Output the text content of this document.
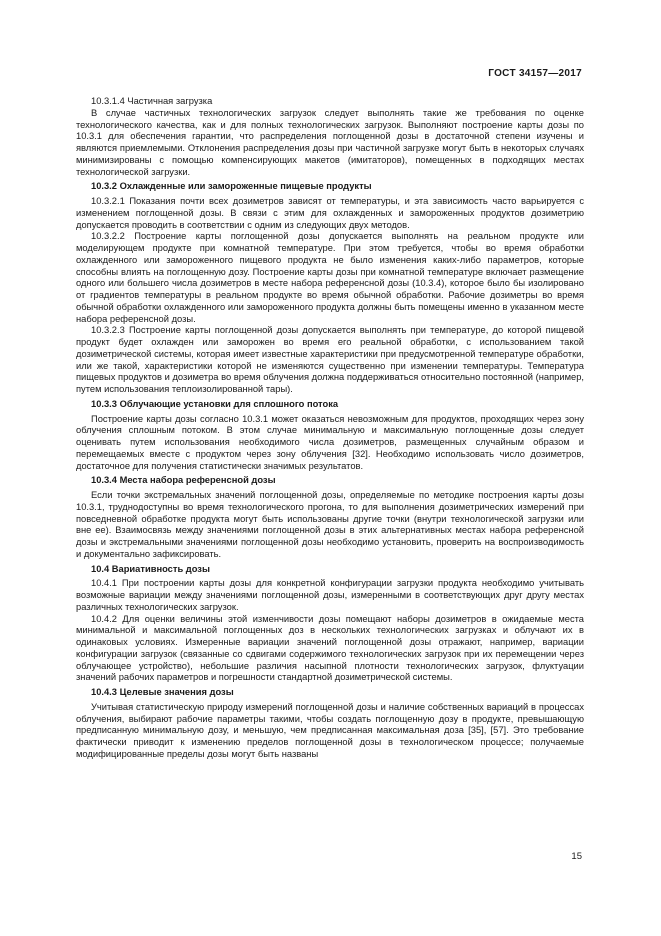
ГОСТ 34157—2017

10.3.1.4 Частичная загрузка

В случае частичных технологических загрузок следует выполнять такие же требования по оценке технологического качества, как и для полных технологических загрузок. Выполняют построение карты дозы по 10.3.1 для обеспечения гарантии, что распределения поглощенной дозы в достаточной степени изучены и являются приемлемыми. Отклонения распределения дозы при частичной загрузке могут быть в некоторых случаях минимизированы с помощью компенсирующих макетов (имитаторов), помещенных в подходящих местах технологической загрузки.

10.3.2 Охлажденные или замороженные пищевые продукты

10.3.2.1 Показания почти всех дозиметров зависят от температуры, и эта зависимость часто варьируется с изменением поглощенной дозы. В связи с этим для охлажденных и замороженных продуктов дозиметрию допускается проводить в соответствии с одним из следующих двух методов.

10.3.2.2 Построение карты поглощенной дозы допускается выполнять на реальном продукте или моделирующем продукте при комнатной температуре. При этом требуется, чтобы во время обработки охлажденного или замороженного пищевого продукта не было изменения каких-либо параметров, которые способны влиять на поглощенную дозу. Построение карты дозы при комнатной температуре включает размещение одного или большего числа дозиметров в месте набора референсной дозы (10.3.4), которое было бы изолировано от градиентов температуры в реальном продукте во время обычной обработки. Рабочие дозиметры во время обычной обработки охлажденного или замороженного продукта должны быть помещены именно в указанном месте набора референсной дозы.

10.3.2.3 Построение карты поглощенной дозы допускается выполнять при температуре, до которой пищевой продукт будет охлажден или заморожен во время его реальной обработки, с использованием такой дозиметрической системы, которая имеет известные характеристики при предусмотренной температуре обработки, или же такой, характеристики которой не изменяются существенно при изменении температуры. Температура пищевых продуктов и дозиметра во время облучения должна поддерживаться относительно постоянной (например, путем использования теплоизолированной тары).

10.3.3 Облучающие установки для сплошного потока

Построение карты дозы согласно 10.3.1 может оказаться невозможным для продуктов, проходящих через зону облучения сплошным потоком. В этом случае минимальную и максимальную поглощенные дозы следует оценивать путем использования необходимого числа дозиметров, размещенных случайным образом и перемещаемых вместе с продуктом через зону облучения [32]. Необходимо использовать число дозиметров, достаточное для получения статистически значимых результатов.

10.3.4 Места набора референсной дозы

Если точки экстремальных значений поглощенной дозы, определяемые по методике построения карты дозы 10.3.1, труднодоступны во время технологического прогона, то для выполнения дозиметрических измерений при повседневной обработке продукта могут быть использованы другие точки (внутри технологической загрузки или вне ее). Взаимосвязь между значениями поглощенной дозы в этих альтернативных местах набора референсной дозы и экстремальными значениями поглощенной дозы необходимо установить, проверить на воспроизводимость и документально зафиксировать.

10.4 Вариативность дозы

10.4.1 При построении карты дозы для конкретной конфигурации загрузки продукта необходимо учитывать возможные вариации между значениями поглощенной дозы, измеренными в соответствующих друг другу местах различных технологических загрузок.

10.4.2 Для оценки величины этой изменчивости дозы помещают наборы дозиметров в ожидаемые места минимальной и максимальной поглощенных доз в нескольких технологических загрузках и облучают их в одинаковых условиях. Измеренные вариации значений поглощенной дозы отражают, например, вариации конфигурации загрузок (связанные со сдвигами содержимого технологических загрузок при их перемещении через облучающее устройство), небольшие различия насыпной плотности технологических загрузок, флуктуации значений рабочих параметров и погрешности стандартной дозиметрической системы.

10.4.3 Целевые значения дозы

Учитывая статистическую природу измерений поглощенной дозы и наличие собственных вариаций в процессах облучения, выбирают рабочие параметры такими, чтобы создать поглощенную дозу в продукте, превышающую предписанную минимальную дозу, и меньшую, чем предписанная максимальная доза [35], [57]. Это требование фактически приводит к изменению пределов поглощенной дозы в технологическом процессе; получаемые модифицированные пределы дозы могут быть названы

15
